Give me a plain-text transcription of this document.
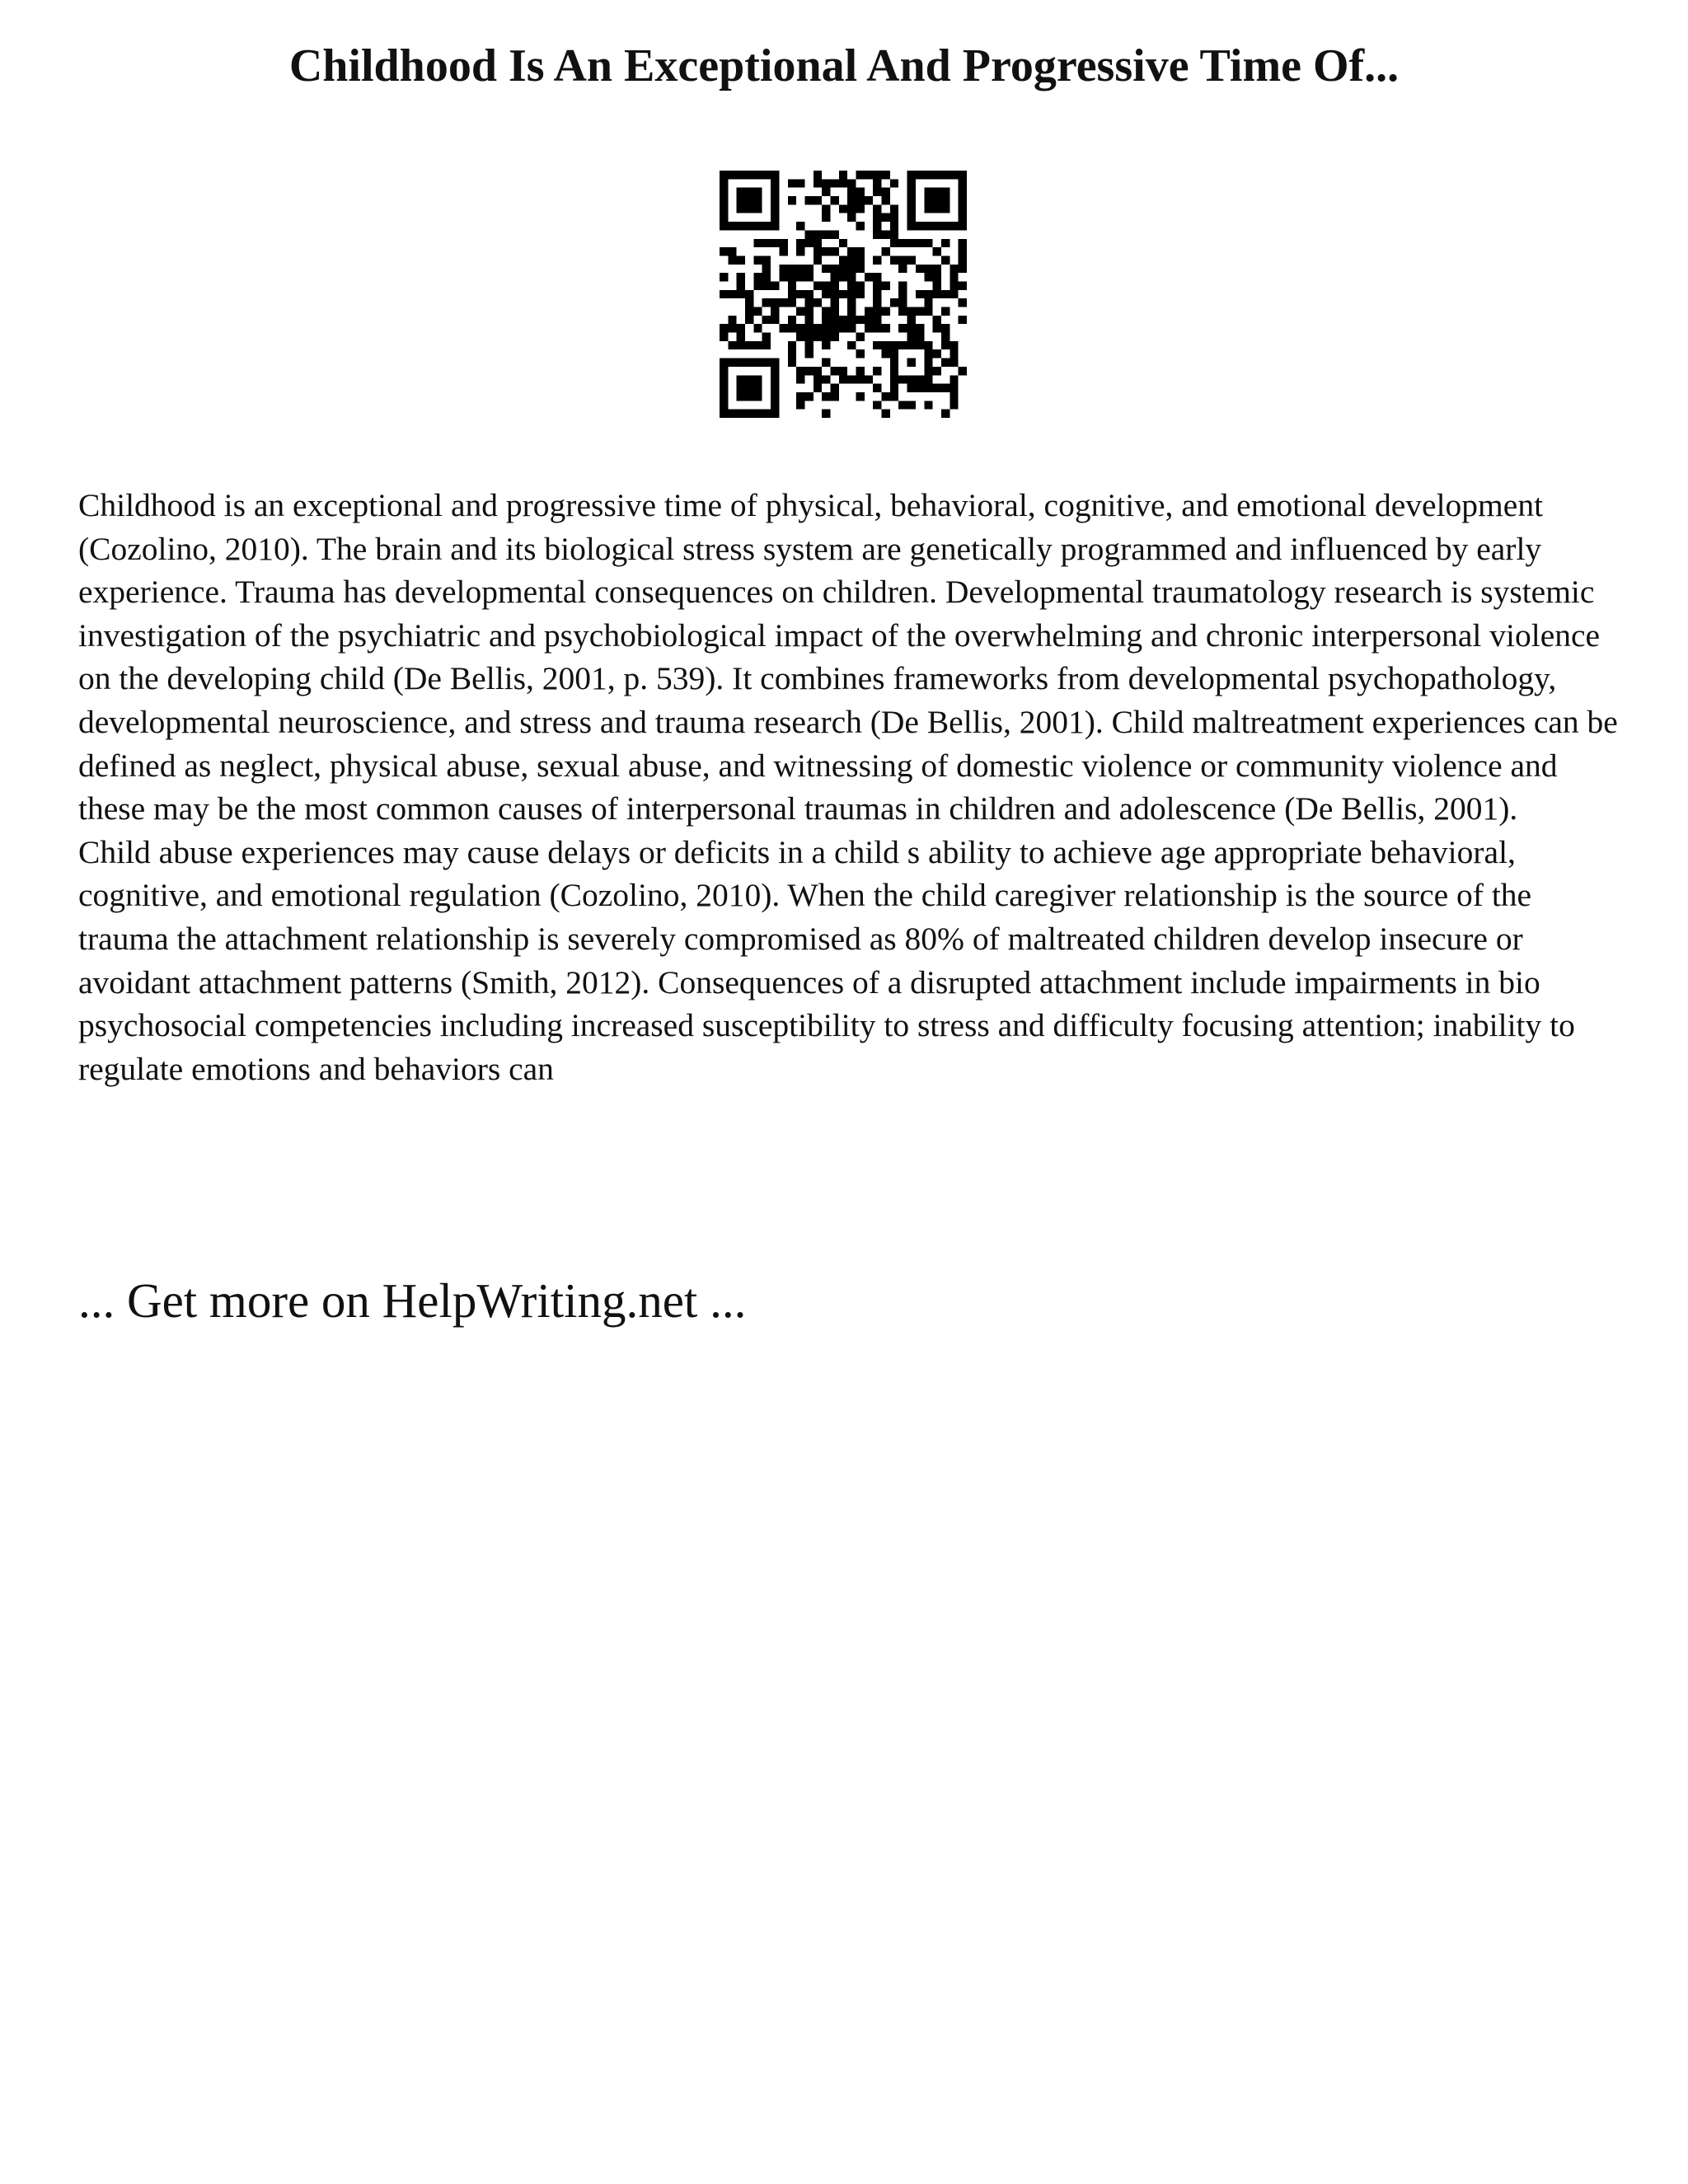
Childhood Is An Exceptional And Progressive Time Of...

Childhood is an exceptional and progressive time of physical, behavioral, cognitive, and emotional development (Cozolino, 2010). The brain and its biological stress system are genetically programmed and influenced by early experience. Trauma has developmental consequences on children. Developmental traumatology research is systemic investigation of the psychiatric and psychobiological impact of the overwhelming and chronic interpersonal violence on the developing child (De Bellis, 2001, p. 539). It combines frameworks from developmental psychopathology, developmental neuroscience, and stress and trauma research (De Bellis, 2001). Child maltreatment experiences can be defined as neglect, physical abuse, sexual abuse, and witnessing of domestic violence or community violence and these may be the most common causes of interpersonal traumas in children and adolescence (De Bellis, 2001).

Child abuse experiences may cause delays or deficits in a child s ability to achieve age appropriate behavioral, cognitive, and emotional regulation (Cozolino, 2010). When the child caregiver relationship is the source of the trauma the attachment relationship is severely compromised as 80% of maltreated children develop insecure or avoidant attachment patterns (Smith, 2012). Consequences of a disrupted attachment include impairments in bio psychosocial competencies including increased susceptibility to stress and difficulty focusing attention; inability to regulate emotions and behaviors can

... Get more on HelpWriting.net ...
